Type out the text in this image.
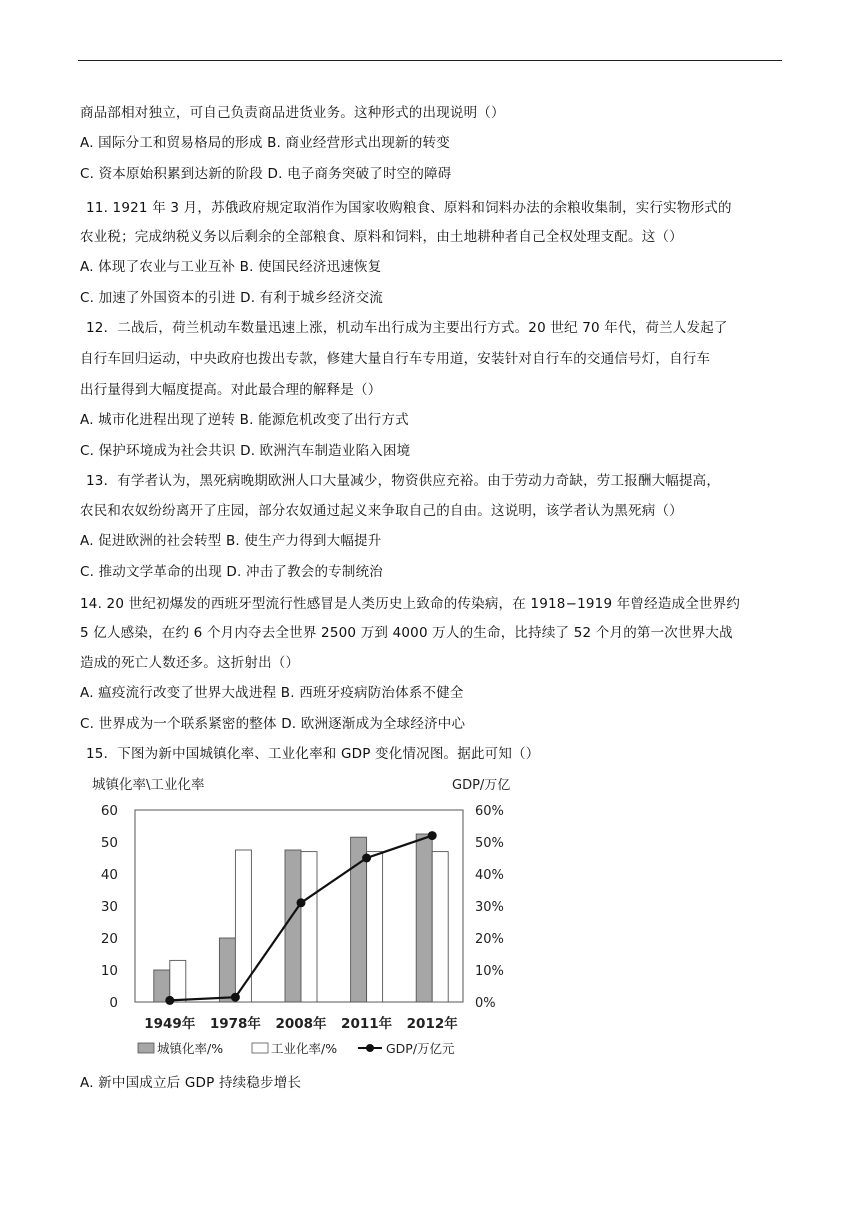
商品部相对独立，可自己负责商品进货业务。这种形式的出现说明（）
A. 国际分工和贸易格局的形成 B. 商业经营形式出现新的转变
C. 资本原始积累到达新的阶段 D. 电子商务突破了时空的障碍
11. 1921 年 3 月，苏俄政府规定取消作为国家收购粮食、原料和饲料办法的余粮收集制，实行实物形式的
农业税；完成纳税义务以后剩余的全部粮食、原料和饲料，由土地耕种者自己全权处理支配。这（）
A. 体现了农业与工业互补 B. 使国民经济迅速恢复
C. 加速了外国资本的引进 D. 有利于城乡经济交流
12．二战后，荷兰机动车数量迅速上涨，机动车出行成为主要出行方式。20 世纪 70 年代，荷兰人发起了
自行车回归运动，中央政府也拨出专款，修建大量自行车专用道，安装针对自行车的交通信号灯，自行车
出行量得到大幅度提高。对此最合理的解释是（）
A. 城市化进程出现了逆转 B. 能源危机改变了出行方式
C. 保护环境成为社会共识 D. 欧洲汽车制造业陷入困境
13．有学者认为，黑死病晚期欧洲人口大量减少，物资供应充裕。由于劳动力奇缺，劳工报酬大幅提高，
农民和农奴纷纷离开了庄园，部分农奴通过起义来争取自己的自由。这说明，该学者认为黑死病（）
A. 促进欧洲的社会转型 B. 使生产力得到大幅提升
C. 推动文学革命的出现 D. 冲击了教会的专制统治
14. 20 世纪初爆发的西班牙型流行性感冒是人类历史上致命的传染病，在 1918−1919 年曾经造成全世界约
5 亿人感染，在约 6 个月内夺去全世界 2500 万到 4000 万人的生命，比持续了 52 个月的第一次世界大战
造成的死亡人数还多。这折射出（）
A. 瘟疫流行改变了世界大战进程 B. 西班牙疫病防治体系不健全
C. 世界成为一个联系紧密的整体 D. 欧洲逐渐成为全球经济中心
15．下图为新中国城镇化率、工业化率和 GDP 变化情况图。据此可知（）
城镇化率\工业化率	GDP/万亿
0
10
20
30
40
50
60
0%
10%
20%
30%
40%
50%
60%
1949年 1978年 2008年 2011年 2012年
城镇化率/%	工业化率/%	GDP/万亿元
A. 新中国成立后 GDP 持续稳步增长
